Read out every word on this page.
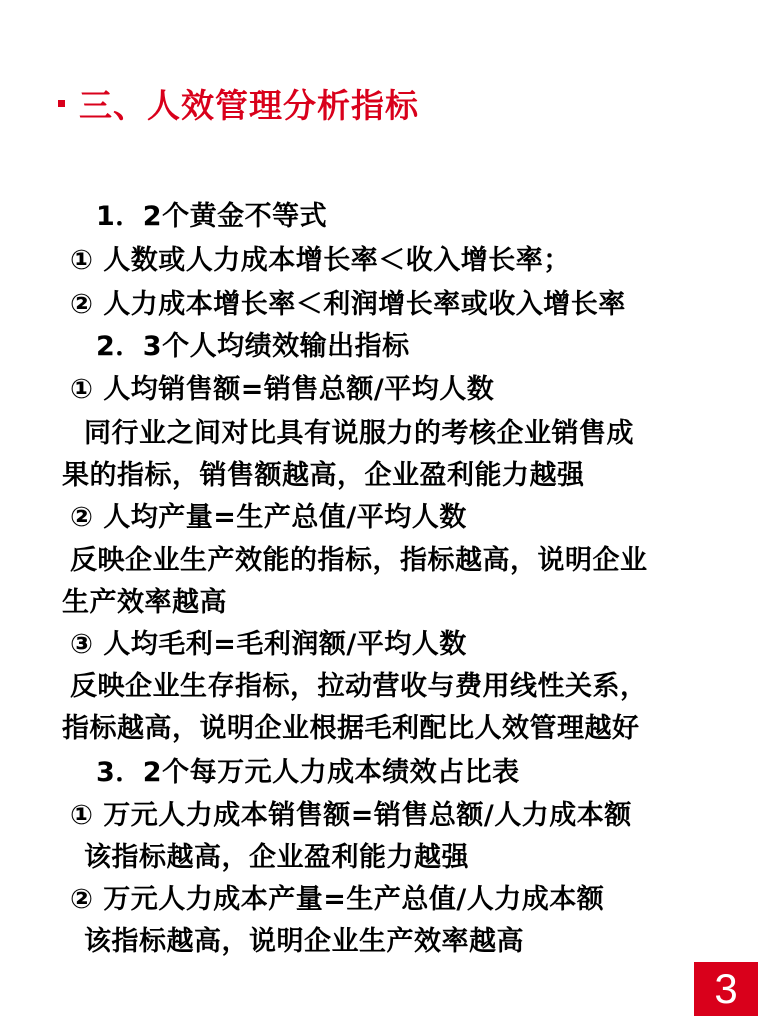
三、人效管理分析指标
1．2个黄金不等式
① 人数或人力成本增长率＜收入增长率；
② 人力成本增长率＜利润增长率或收入增长率
2．3个人均绩效输出指标
① 人均销售额=销售总额/平均人数
同行业之间对比具有说服力的考核企业销售成
果的指标，销售额越高，企业盈利能力越强
② 人均产量=生产总值/平均人数
反映企业生产效能的指标，指标越高，说明企业
生产效率越高
③ 人均毛利=毛利润额/平均人数
反映企业生存指标，拉动营收与费用线性关系，
指标越高，说明企业根据毛利配比人效管理越好
3．2个每万元人力成本绩效占比表
① 万元人力成本销售额=销售总额/人力成本额
该指标越高，企业盈利能力越强
② 万元人力成本产量=生产总值/人力成本额
该指标越高，说明企业生产效率越高
3
